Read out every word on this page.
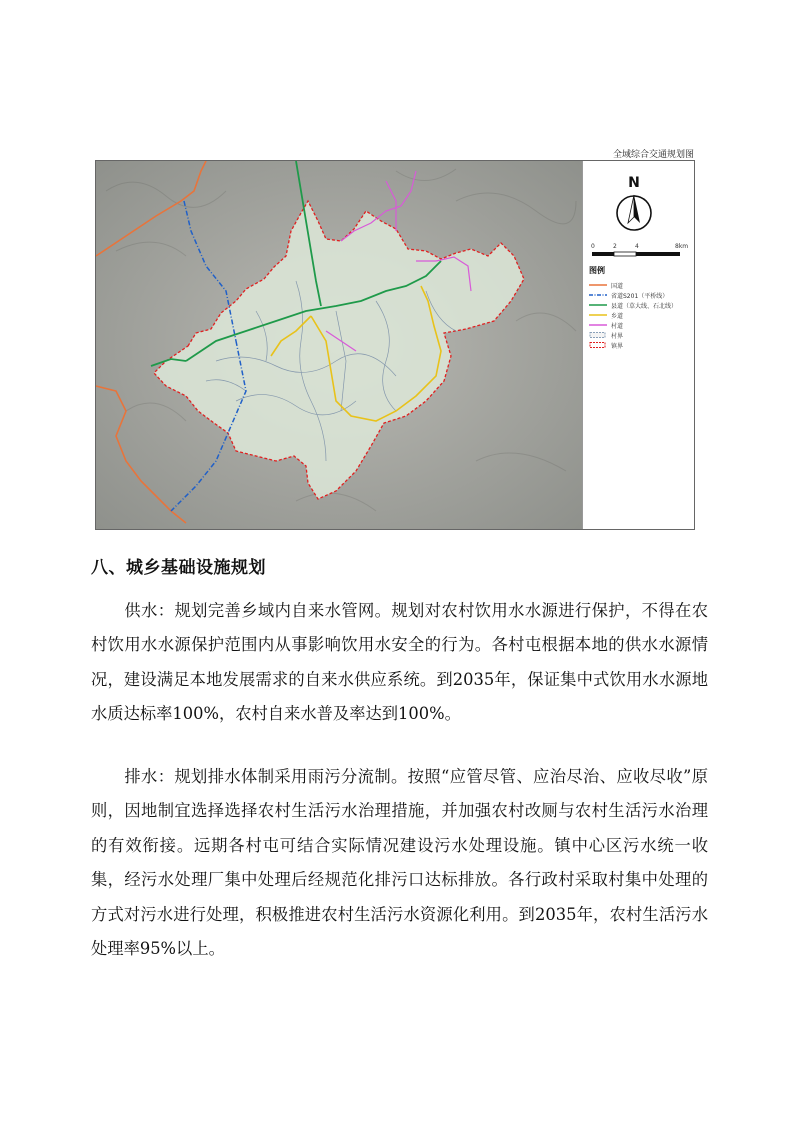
全域综合交通规划图
N
0	2	4	8km
图例
国道
省道S201（平桥线）
县道（草大线、石北线）
乡道
村道
村界
镇界
八、城乡基础设施规划
供水：规划完善乡域内自来水管网。规划对农村饮用水水源进行保护，不得在农村饮用水水源保护范围内从事影响饮用水安全的行为。各村屯根据本地的供水水源情况，建设满足本地发展需求的自来水供应系统。到2035年，保证集中式饮用水水源地水质达标率100%，农村自来水普及率达到100%。
排水：规划排水体制采用雨污分流制。按照“应管尽管、应治尽治、应收尽收”原则，因地制宜选择选择农村生活污水治理措施，并加强农村改厕与农村生活污水治理的有效衔接。远期各村屯可结合实际情况建设污水处理设施。镇中心区污水统一收集，经污水处理厂集中处理后经规范化排污口达标排放。各行政村采取村集中处理的方式对污水进行处理，积极推进农村生活污水资源化利用。到2035年，农村生活污水处理率95%以上。
